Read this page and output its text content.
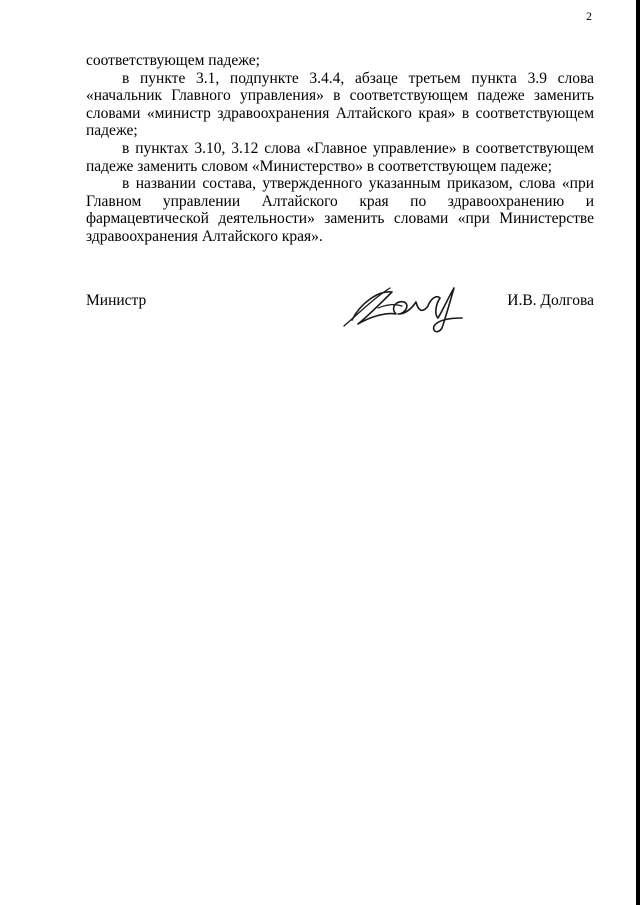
2

соответствующем падеже;

в пункте 3.1, подпункте 3.4.4, абзаце третьем пункта 3.9 слова «начальник Главного управления» в соответствующем падеже заменить словами «министр здравоохранения Алтайского края» в соответствующем падеже;

в пунктах 3.10, 3.12 слова «Главное управление» в соответствующем падеже заменить словом «Министерство» в соответствующем падеже;

в названии состава, утвержденного указанным приказом, слова «при Главном управлении Алтайского края по здравоохранению и фармацевтической деятельности» заменить словами «при Министерстве здравоохранения Алтайского края».

Министр	И.В. Долгова
